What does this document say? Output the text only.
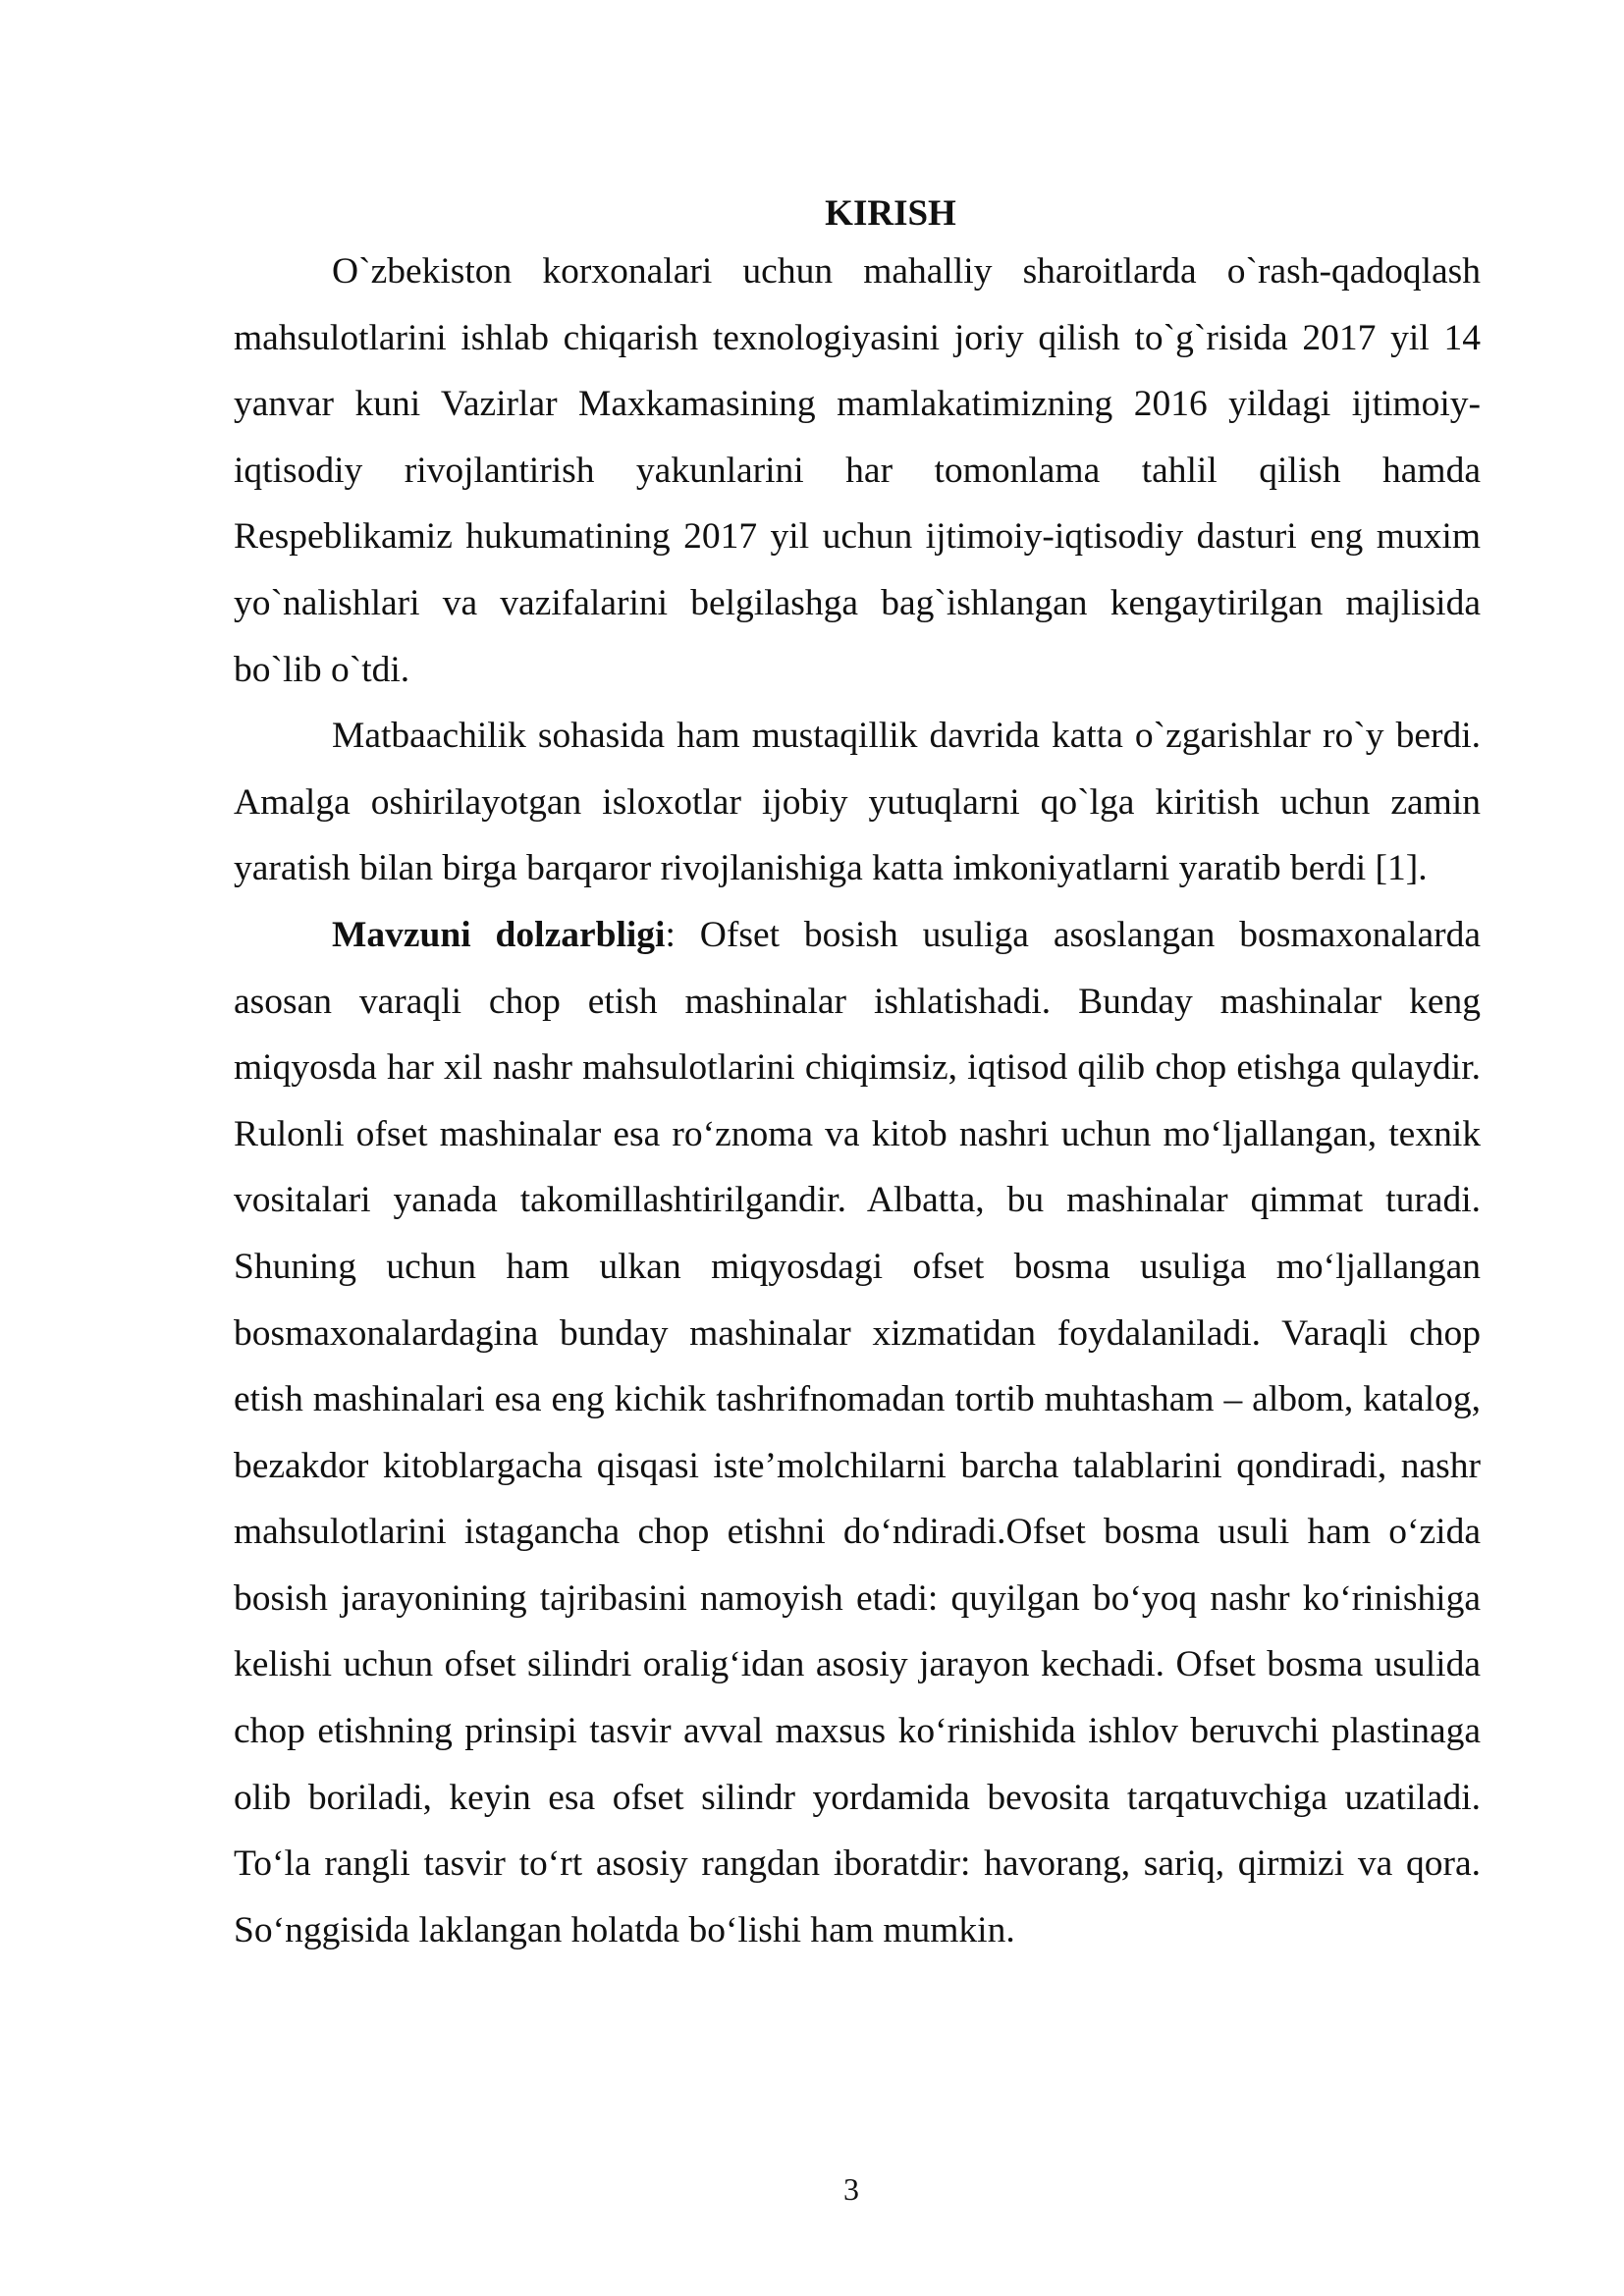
KIRISH

O`zbekiston korxonalari uchun mahalliy sharoitlarda o`rash-qadoqlash mahsulotlarini ishlab chiqarish texnologiyasini joriy qilish to`g`risida 2017 yil 14 yanvar kuni Vazirlar Maxkamasining mamlakatimizning 2016 yildagi ijtimoiy-iqtisodiy rivojlantirish yakunlarini har tomonlama tahlil qilish hamda Respeblikamiz hukumatining 2017 yil uchun ijtimoiy-iqtisodiy dasturi eng muxim yo`nalishlari va vazifalarini belgilashga bag`ishlangan kengaytirilgan majlisida bo`lib o`tdi.

Matbaachilik sohasida ham mustaqillik davrida katta o`zgarishlar ro`y berdi. Amalga oshirilayotgan isloxotlar ijobiy yutuqlarni qo`lga kiritish uchun zamin yaratish bilan birga barqaror rivojlanishiga katta imkoniyatlarni yaratib berdi [1].

Mavzuni dolzarbligi: Ofset bosish usuliga asoslangan bosmaxonalarda asosan varaqli chop etish mashinalar ishlatishadi. Bunday mashinalar keng miqyosda har xil nashr mahsulotlarini chiqimsiz, iqtisod qilib chop etishga qulaydir. Rulonli ofset mashinalar esa ro‘znoma va kitob nashri uchun mo‘ljallangan, texnik vositalari yanada takomillashtirilgandir. Albatta, bu mashinalar qimmat turadi. Shuning uchun ham ulkan miqyosdagi ofset bosma usuliga mo‘ljallangan bosmaxonalardagina bunday mashinalar xizmatidan foydalaniladi. Varaqli chop etish mashinalari esa eng kichik tashrifnomadan tortib muhtasham – albom, katalog, bezakdor kitoblargacha qisqasi iste’molchilarni barcha talablarini qondiradi, nashr mahsulotlarini istagancha chop etishni do‘ndiradi.Ofset bosma usuli ham o‘zida bosish jarayonining tajribasini namoyish etadi: quyilgan bo‘yoq nashr ko‘rinishiga kelishi uchun ofset silindri oralig‘idan asosiy jarayon kechadi. Ofset bosma usulida chop etishning prinsipi tasvir avval maxsus ko‘rinishida ishlov beruvchi plastinaga olib boriladi, keyin esa ofset silindr yordamida bevosita tarqatuvchiga uzatiladi. To‘la rangli tasvir to‘rt asosiy rangdan iboratdir: havorang, sariq, qirmizi va qora. So‘nggisida laklangan holatda bo‘lishi ham mumkin.

3
